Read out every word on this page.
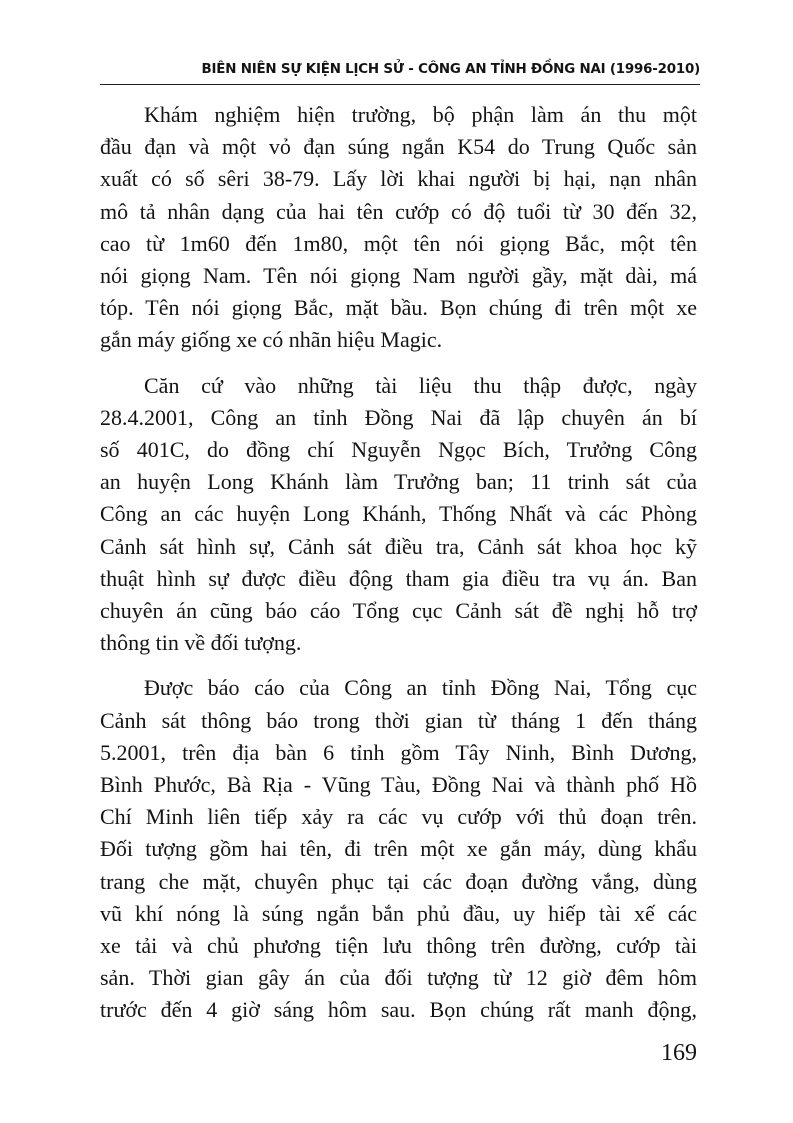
BIÊN NIÊN SỰ KIỆN LỊCH SỬ - CÔNG AN TỈNH ĐỒNG NAI (1996-2010)

Khám nghiệm hiện trường, bộ phận làm án thu một
đầu đạn và một vỏ đạn súng ngắn K54 do Trung Quốc sản
xuất có số sêri 38-79. Lấy lời khai người bị hại, nạn nhân
mô tả nhân dạng của hai tên cướp có độ tuổi từ 30 đến 32,
cao từ 1m60 đến 1m80, một tên nói giọng Bắc, một tên
nói giọng Nam. Tên nói giọng Nam người gầy, mặt dài, má
tóp. Tên nói giọng Bắc, mặt bầu. Bọn chúng đi trên một xe
gắn máy giống xe có nhãn hiệu Magic.

Căn cứ vào những tài liệu thu thập được, ngày
28.4.2001, Công an tỉnh Đồng Nai đã lập chuyên án bí
số 401C, do đồng chí Nguyễn Ngọc Bích, Trưởng Công
an huyện Long Khánh làm Trưởng ban; 11 trinh sát của
Công an các huyện Long Khánh, Thống Nhất và các Phòng
Cảnh sát hình sự, Cảnh sát điều tra, Cảnh sát khoa học kỹ
thuật hình sự được điều động tham gia điều tra vụ án. Ban
chuyên án cũng báo cáo Tổng cục Cảnh sát đề nghị hỗ trợ
thông tin về đối tượng.

Được báo cáo của Công an tỉnh Đồng Nai, Tổng cục
Cảnh sát thông báo trong thời gian từ tháng 1 đến tháng
5.2001, trên địa bàn 6 tỉnh gồm Tây Ninh, Bình Dương,
Bình Phước, Bà Rịa - Vũng Tàu, Đồng Nai và thành phố Hồ
Chí Minh liên tiếp xảy ra các vụ cướp với thủ đoạn trên.
Đối tượng gồm hai tên, đi trên một xe gắn máy, dùng khẩu
trang che mặt, chuyên phục tại các đoạn đường vắng, dùng
vũ khí nóng là súng ngắn bắn phủ đầu, uy hiếp tài xế các
xe tải và chủ phương tiện lưu thông trên đường, cướp tài
sản. Thời gian gây án của đối tượng từ 12 giờ đêm hôm
trước đến 4 giờ sáng hôm sau. Bọn chúng rất manh động,

169
